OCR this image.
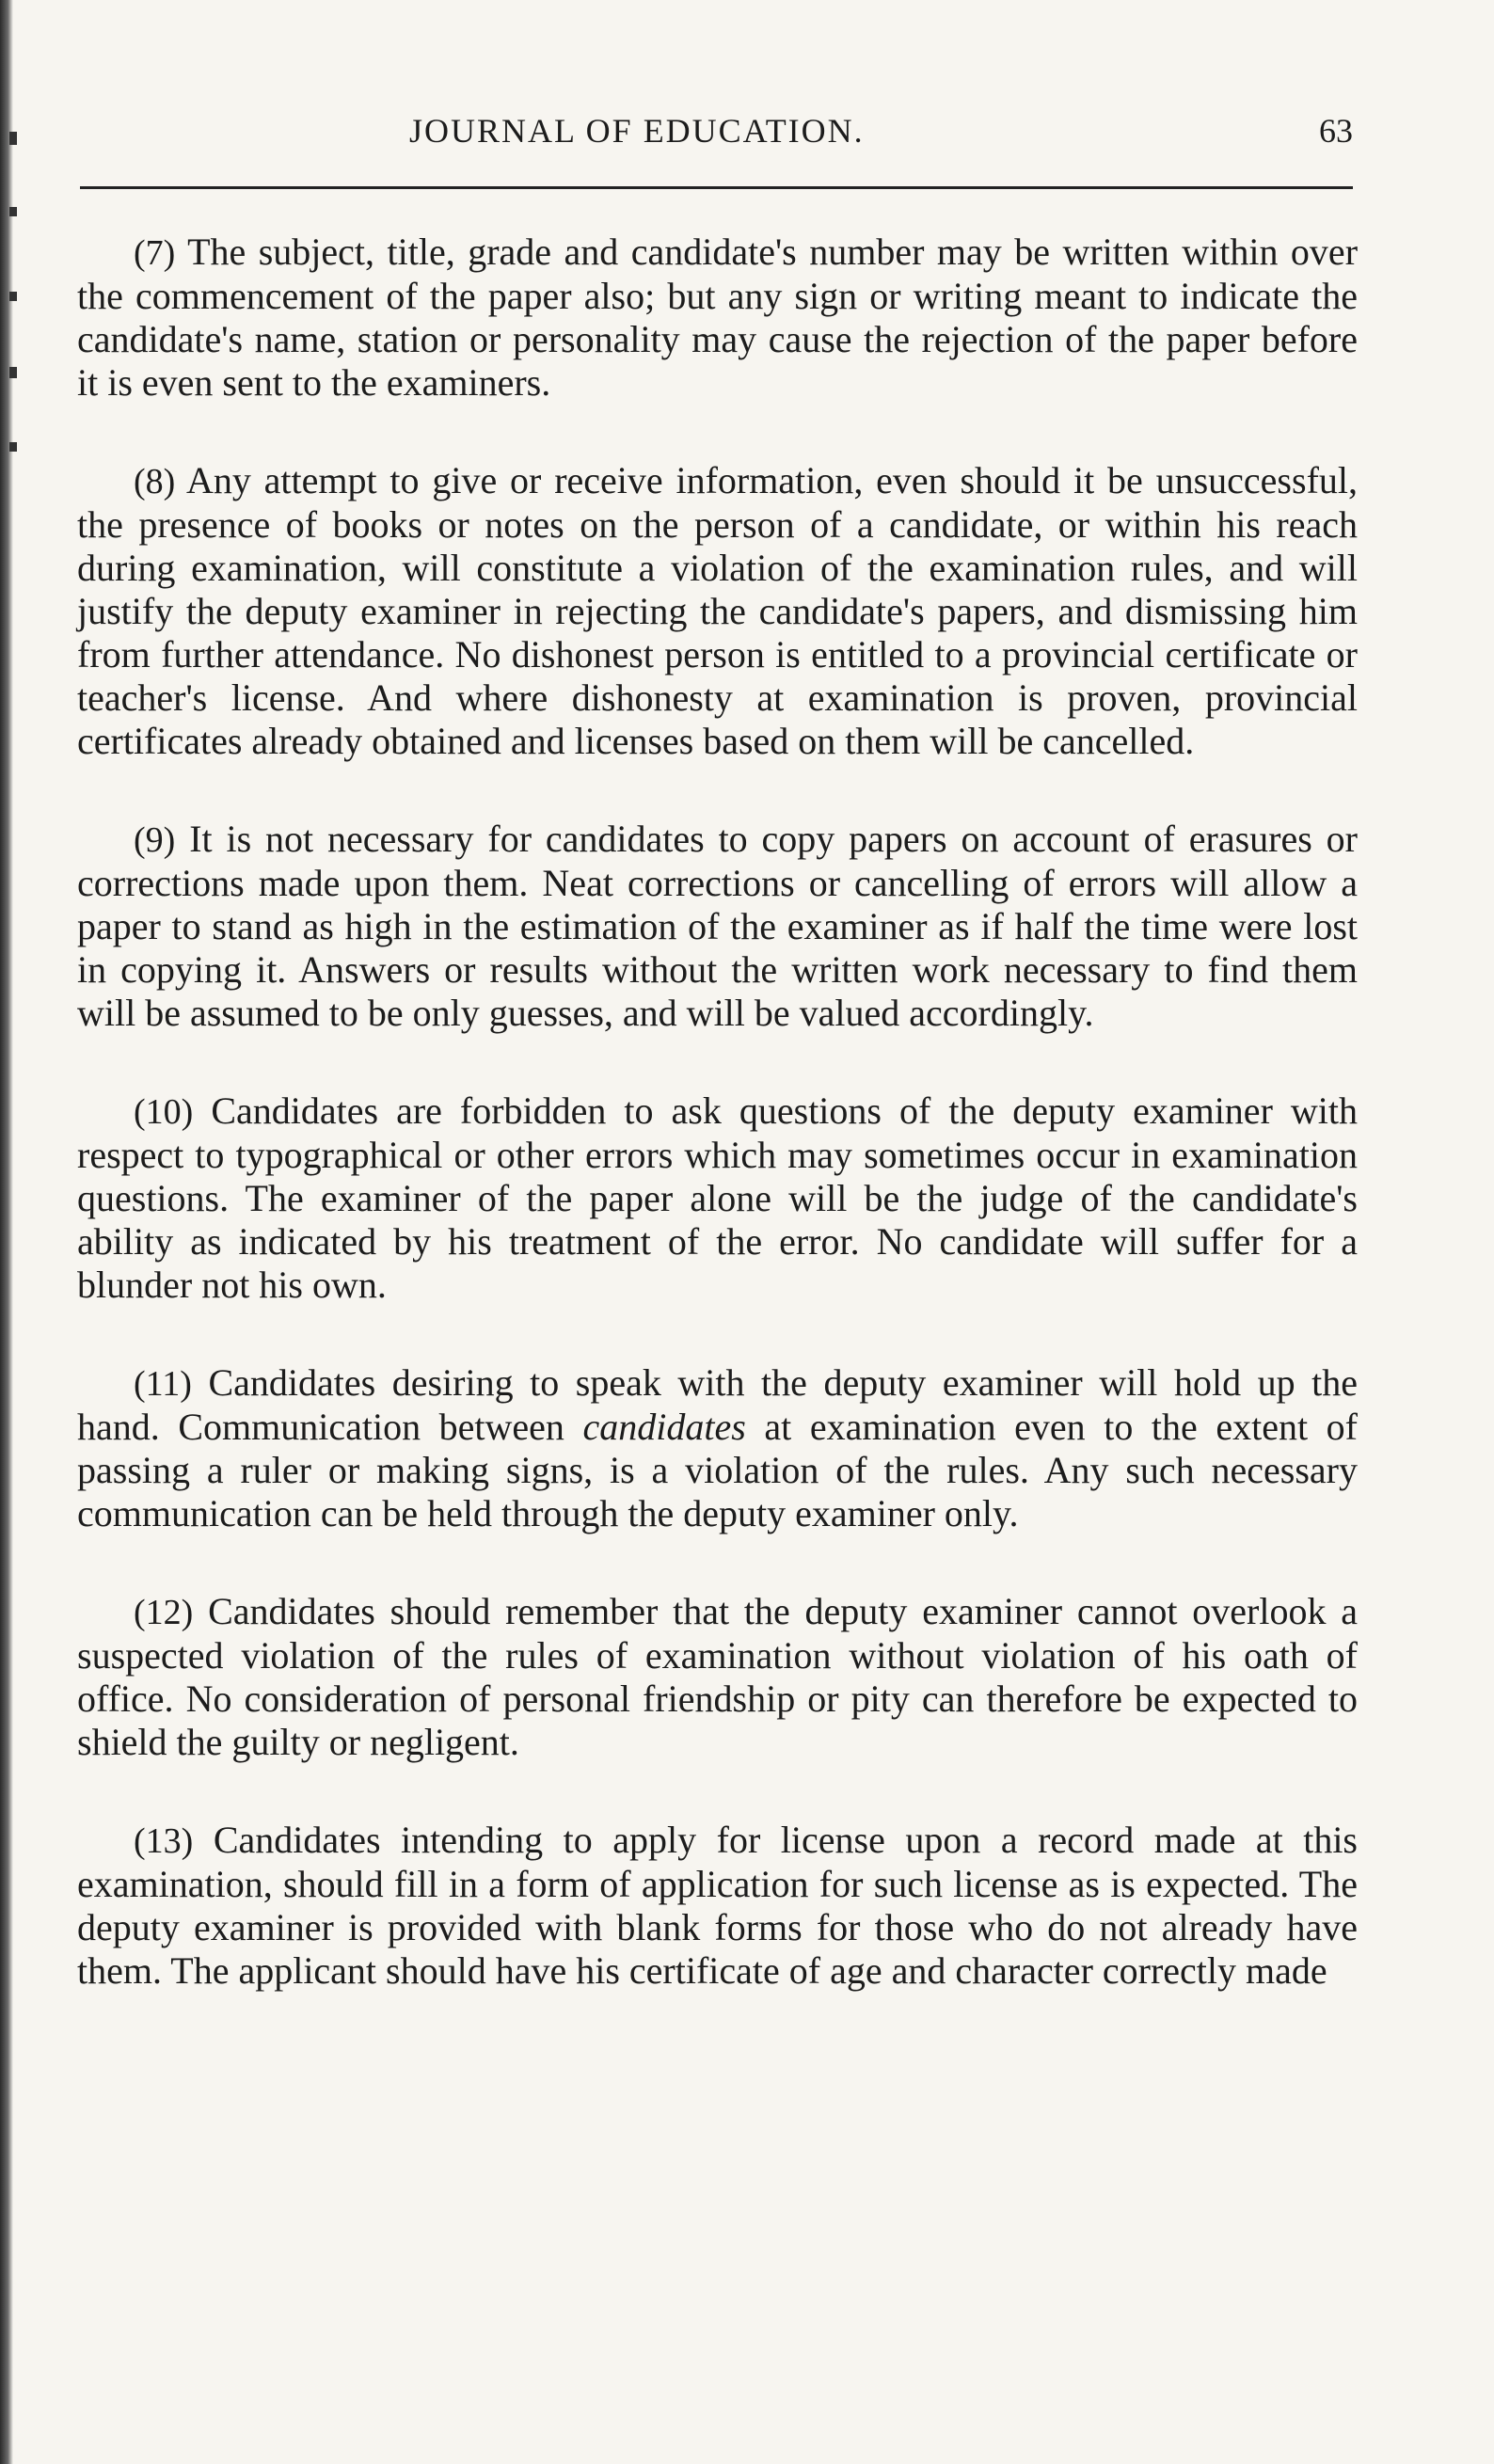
JOURNAL OF EDUCATION.	63

(7) The subject, title, grade and candidate's number may be written within over the commencement of the paper also; but any sign or writing meant to indicate the candidate's name, station or personality may cause the rejection of the paper before it is even sent to the examiners.

(8) Any attempt to give or receive information, even should it be unsuccessful, the presence of books or notes on the person of a candidate, or within his reach during examination, will constitute a violation of the examination rules, and will justify the deputy examiner in rejecting the candidate's papers, and dismissing him from further attendance. No dishonest person is entitled to a provincial certificate or teacher's license. And where dishonesty at examination is proven, provincial certificates already obtained and licenses based on them will be cancelled.

(9) It is not necessary for candidates to copy papers on account of erasures or corrections made upon them. Neat corrections or cancelling of errors will allow a paper to stand as high in the estimation of the examiner as if half the time were lost in copying it. Answers or results without the written work necessary to find them will be assumed to be only guesses, and will be valued accordingly.

(10) Candidates are forbidden to ask questions of the deputy examiner with respect to typographical or other errors which may sometimes occur in examination questions. The examiner of the paper alone will be the judge of the candidate's ability as indicated by his treatment of the error. No candidate will suffer for a blunder not his own.

(11) Candidates desiring to speak with the deputy examiner will hold up the hand. Communication between candidates at examination even to the extent of passing a ruler or making signs, is a violation of the rules. Any such necessary communication can be held through the deputy examiner only.

(12) Candidates should remember that the deputy examiner cannot overlook a suspected violation of the rules of examination without violation of his oath of office. No consideration of personal friendship or pity can therefore be expected to shield the guilty or negligent.

(13) Candidates intending to apply for license upon a record made at this examination, should fill in a form of application for such license as is expected. The deputy examiner is provided with blank forms for those who do not already have them. The applicant should have his certificate of age and character correctly made
